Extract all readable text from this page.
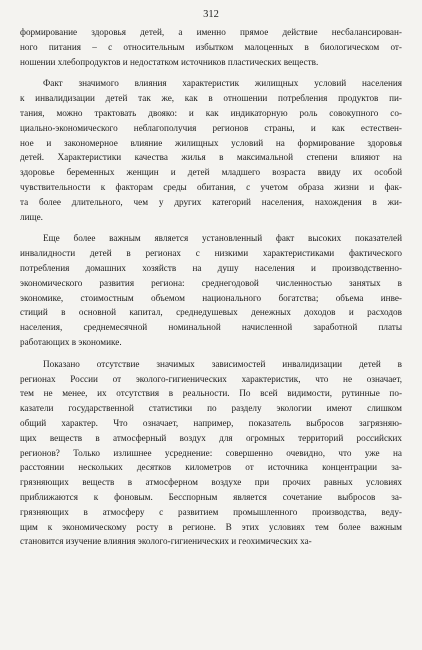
312
формирование здоровья детей, а именно прямое действие несбалансирован-
ного питания – с относительным избытком малоценных в биологическом от-
ношении хлебопродуктов и недостатком источников пластических веществ.
Факт значимого влияния характеристик жилищных условий населения
к инвалидизации детей так же, как в отношении потребления продуктов пи-
тания, можно трактовать двояко: и как индикаторную роль совокупного со-
циально-экономического неблагополучия регионов страны, и как естествен-
ное и закономерное влияние жилищных условий на формирование здоровья
детей. Характеристики качества жилья в максимальной степени влияют на
здоровье беременных женщин и детей младшего возраста ввиду их особой
чувствительности к факторам среды обитания, с учетом образа жизни и фак-
та более длительного, чем у других категорий населения, нахождения в жи-
лище.
Еще более важным является установленный факт высоких показателей
инвалидности детей в регионах с низкими характеристиками фактического
потребления домашних хозяйств на душу населения и производственно-
экономического развития региона: среднегодовой численностью занятых в
экономике, стоимостным объемом национального богатства; объема инве-
стиций в основной капитал, среднедушевых денежных доходов и расходов
населения, среднемесячной номинальной начисленной заработной платы
работающих в экономике.
Показано отсутствие значимых зависимостей инвалидизации детей в
регионах России от эколого-гигиенических характеристик, что не означает,
тем не менее, их отсутствия в реальности. По всей видимости, рутинные по-
казатели государственной статистики по разделу экологии имеют слишком
общий характер. Что означает, например, показатель выбросов загрязняю-
щих веществ в атмосферный воздух для огромных территорий российских
регионов? Только излишнее усреднение: совершенно очевидно, что уже на
расстоянии нескольких десятков километров от источника концентрации за-
грязняющих веществ в атмосферном воздухе при прочих равных условиях
приближаются к фоновым. Бесспорным является сочетание выбросов за-
грязняющих в атмосферу с развитием промышленного производства, веду-
щим к экономическому росту в регионе. В этих условиях тем более важным
становится изучение влияния эколого-гигиенических и геохимических ха-
